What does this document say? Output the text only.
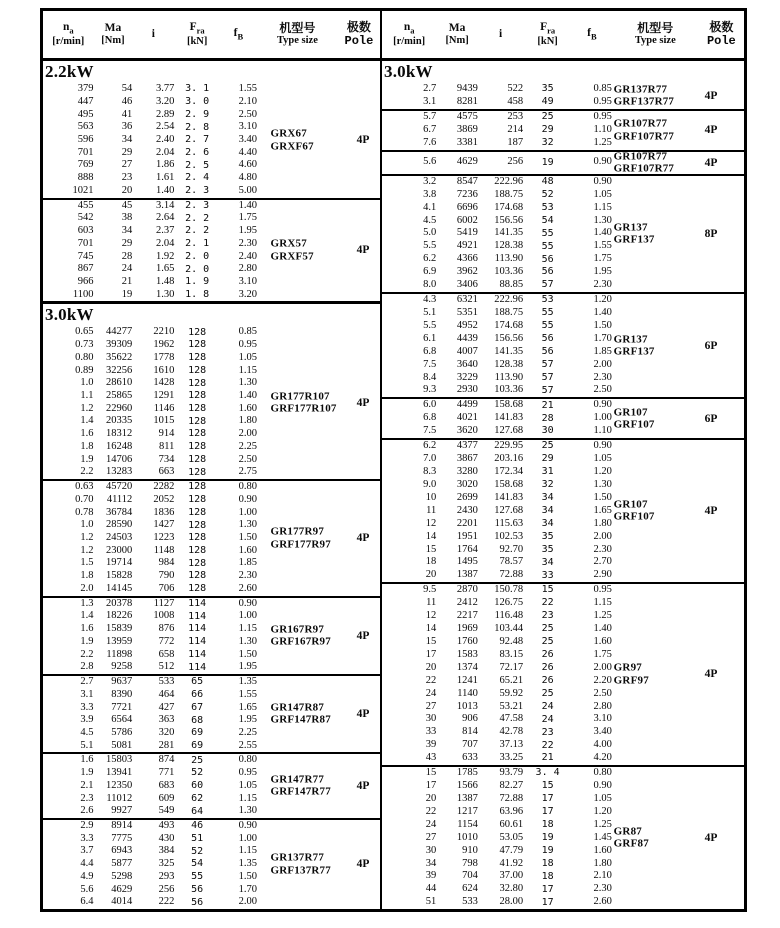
$n_a$
[r/min]
Ma
[Nm]
i
$F_{ra}$
[kN]
$f_B$
机型号
Type size
极数
Pole
2.2kW
379	54	3.77	3. 1	1.55
447	46	3.20	3. 0	2.10
495	41	2.89	2. 9	2.50
563	36	2.54	2. 8	3.10
596	34	2.40	2. 7	3.40
701	29	2.04	2. 6	4.40
769	27	1.86	2. 5	4.60
888	23	1.61	2. 4	4.80
1021	20	1.40	2. 3	5.00
GRX67
GRXF67	4P
455	45	3.14	2. 3	1.40
542	38	2.64	2. 2	1.75
603	34	2.37	2. 2	1.95
701	29	2.04	2. 1	2.30
745	28	1.92	2. 0	2.40
867	24	1.65	2. 0	2.80
966	21	1.48	1. 9	3.10
1100	19	1.30	1. 8	3.20
GRX57
GRXF57	4P
3.0kW
0.65	44277	2210	128	0.85
0.73	39309	1962	128	0.95
0.80	35622	1778	128	1.05
0.89	32256	1610	128	1.15
1.0	28610	1428	128	1.30
1.1	25865	1291	128	1.40
1.2	22960	1146	128	1.60
1.4	20335	1015	128	1.80
1.6	18312	914	128	2.00
1.8	16248	811	128	2.25
1.9	14706	734	128	2.50
2.2	13283	663	128	2.75
GR177R107
GRF177R107	4P
0.63	45720	2282	128	0.80
0.70	41112	2052	128	0.90
0.78	36784	1836	128	1.00
1.0	28590	1427	128	1.30
1.2	24503	1223	128	1.50
1.2	23000	1148	128	1.60
1.5	19714	984	128	1.85
1.8	15828	790	128	2.30
2.0	14145	706	128	2.60
GR177R97
GRF177R97	4P
1.3	20378	1127	114	0.90
1.4	18226	1008	114	1.00
1.6	15839	876	114	1.15
1.9	13959	772	114	1.30
2.2	11898	658	114	1.50
2.8	9258	512	114	1.95
GR167R97
GRF167R97	4P
2.7	9637	533	65	1.35
3.1	8390	464	66	1.55
3.3	7721	427	67	1.65
3.9	6564	363	68	1.95
4.5	5786	320	69	2.25
5.1	5081	281	69	2.55
GR147R87
GRF147R87	4P
1.6	15803	874	25	0.80
1.9	13941	771	52	0.95
2.1	12350	683	60	1.05
2.3	11012	609	62	1.15
2.6	9927	549	64	1.30
GR147R77
GRF147R77	4P
2.9	8914	493	46	0.90
3.3	7775	430	51	1.00
3.7	6943	384	52	1.15
4.4	5877	325	54	1.35
4.9	5298	293	55	1.50
5.6	4629	256	56	1.70
6.4	4014	222	56	2.00
GR137R77
GRF137R77	4P
$n_a$
[r/min]
Ma
[Nm]
i
$F_{ra}$
[kN]
$f_B$
机型号
Type size
极数
Pole
3.0kW
2.7	9439	522	35	0.85
3.1	8281	458	49	0.95
GR137R77
GRF137R77	4P
5.7	4575	253	25	0.95
6.7	3869	214	29	1.10
7.6	3381	187	32	1.25
GR107R77
GRF107R77	4P
5.6	4629	256	19	0.90 GR107R77
GRF107R77	4P
3.2	8547	222.96	48	0.90
3.8	7236	188.75	52	1.05
4.1	6696	174.68	53	1.15
4.5	6002	156.56	54	1.30
5.0	5419	141.35	55	1.40
5.5	4921	128.38	55	1.55
6.2	4366	113.90	56	1.75
6.9	3962	103.36	56	1.95
8.0	3406	88.85	57	2.30
GR137
GRF137	8P
4.3	6321	222.96	53	1.20
5.1	5351	188.75	55	1.40
5.5	4952	174.68	55	1.50
6.1	4439	156.56	56	1.70
6.8	4007	141.35	56	1.85
7.5	3640	128.38	57	2.00
8.4	3229	113.90	57	2.30
9.3	2930	103.36	57	2.50
GR137
GRF137	6P
6.0	4499	158.68	21	0.90
6.8	4021	141.83	28	1.00
7.5	3620	127.68	30	1.10
GR107
GRF107	6P
6.2	4377	229.95	25	0.90
7.0	3867	203.16	29	1.05
8.3	3280	172.34	31	1.20
9.0	3020	158.68	32	1.30
10	2699	141.83	34	1.50
11	2430	127.68	34	1.65
12	2201	115.63	34	1.80
14	1951	102.53	35	2.00
15	1764	92.70	35	2.30
18	1495	78.57	34	2.70
20	1387	72.88	33	2.90
GR107
GRF107	4P
9.5	2870	150.78	15	0.95
11	2412	126.75	22	1.15
12	2217	116.48	23	1.25
14	1969	103.44	25	1.40
15	1760	92.48	25	1.60
17	1583	83.15	26	1.75
20	1374	72.17	26	2.00
22	1241	65.21	26	2.20
24	1140	59.92	25	2.50
27	1013	53.21	24	2.80
30	906	47.58	24	3.10
33	814	42.78	23	3.40
39	707	37.13	22	4.00
43	633	33.25	21	4.20
GR97
GRF97	4P
15	1785	93.79	3. 4	0.80
17	1566	82.27	15	0.90
20	1387	72.88	17	1.05
22	1217	63.96	17	1.20
24	1154	60.61	18	1.25
27	1010	53.05	19	1.45
30	910	47.79	19	1.60
34	798	41.92	18	1.80
39	704	37.00	18	2.10
44	624	32.80	17	2.30
51	533	28.00	17	2.60
GR87
GRF87	4P
